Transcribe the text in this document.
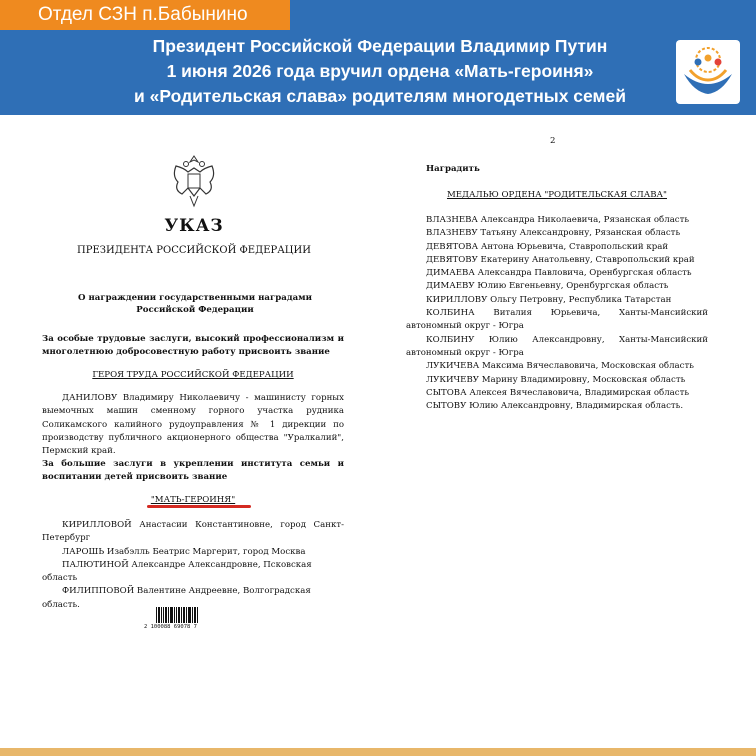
Отдел СЗН п.Бабынино
Президент Российской Федерации Владимир Путин
1 июня 2026 года вручил ордена «Мать-героиня»
и «Родительская слава» родителям многодетных семей
УКАЗ
ПРЕЗИДЕНТА РОССИЙСКОЙ ФЕДЕРАЦИИ
О награждении государственными наградами Российской Федерации
За особые трудовые заслуги, высокий профессионализм и многолетнюю добросовестную работу присвоить звание
ГЕРОЯ ТРУДА РОССИЙСКОЙ ФЕДЕРАЦИИ
ДАНИЛОВУ Владимиру Николаевичу - машинисту горных выемочных машин сменному горного участка рудника Соликамского калийного рудоуправления № 1 дирекции по производству публичного акционерного общества "Уралкалий", Пермский край.
За большие заслуги в укреплении института семьи и воспитании детей присвоить звание
"МАТЬ-ГЕРОИНЯ"
КИРИЛЛОВОЙ Анастасии Константиновне, город Санкт-Петербург
ЛАРОШЬ Изабэлль Беатрис Маргерит, город Москва
ПАЛЮТИНОЙ Александре Александровне, Псковская область
ФИЛИППОВОЙ Валентине Андреевне, Волгоградская область.
2 100088 69078 7
2
Наградить
МЕДАЛЬЮ ОРДЕНА "РОДИТЕЛЬСКАЯ СЛАВА"
ВЛАЗНЕВА Александра Николаевича, Рязанская область
ВЛАЗНЕВУ Татьяну Александровну, Рязанская область
ДЕВЯТОВА Антона Юрьевича, Ставропольский край
ДЕВЯТОВУ Екатерину Анатольевну, Ставропольский край
ДИМАЕВА Александра Павловича, Оренбургская область
ДИМАЕВУ Юлию Евгеньевну, Оренбургская область
КИРИЛЛОВУ Ольгу Петровну, Республика Татарстан
КОЛБИНА Виталия Юрьевича, Ханты-Мансийский автономный округ - Югра
КОЛБИНУ Юлию Александровну, Ханты-Мансийский автономный округ - Югра
ЛУКИЧЕВА Максима Вячеславовича, Московская область
ЛУКИЧЕВУ Марину Владимировну, Московская область
СЫТОВА Алексея Вячеславовича, Владимирская область
СЫТОВУ Юлию Александровну, Владимирская область.
